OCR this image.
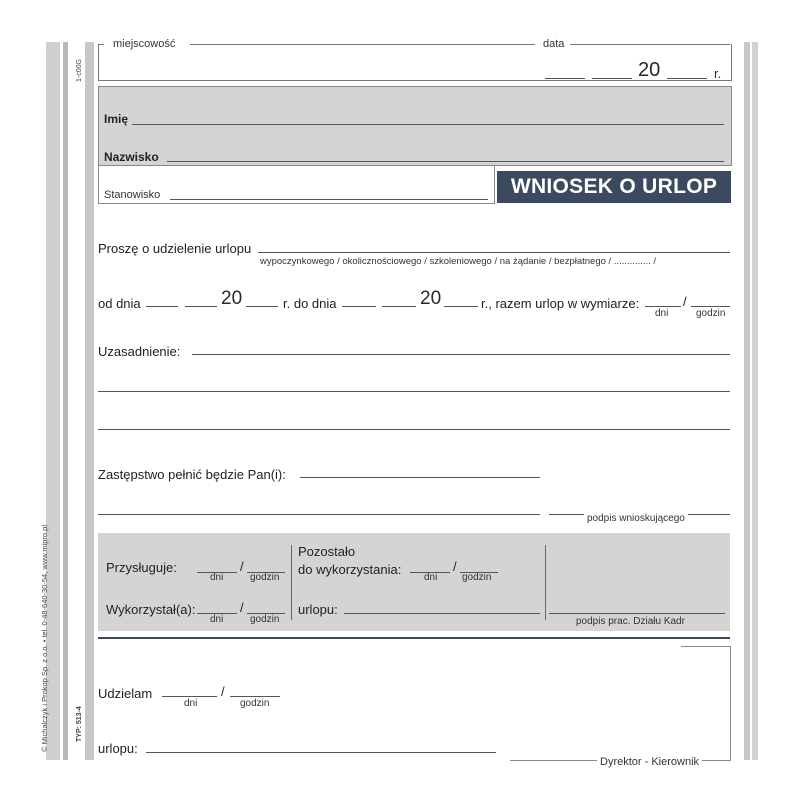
1-c00G
© Michalczyk i Prokop Sp. z o.o. • tel. 0-48-640-30-54, www.mipro.pl	TYP: 513-4
miejscowość	data
20	r.
Imię
Nazwisko
Stanowisko	WNIOSEK O URLOP
Proszę o udzielenie urlopu
wypoczynkowego / okolicznościowego / szkoleniowego / na żądanie / bezpłatnego / .............. /
od dnia	20	r. do dnia	20	r., razem urlop w wymiarze:	/
dni	godzin
Uzasadnienie:
Zastępstwo pełnić będzie Pan(i):
podpis wnioskującego
Przysługuje:	/
dni	godzin
Pozostało
do wykorzystania:	/
dni godzin
Wykorzystał(a):	/
dni	godzin
urlopu:
podpis prac. Działu Kadr
Udzielam	/
dni	godzin
urlopu:
Dyrektor - Kierownik
